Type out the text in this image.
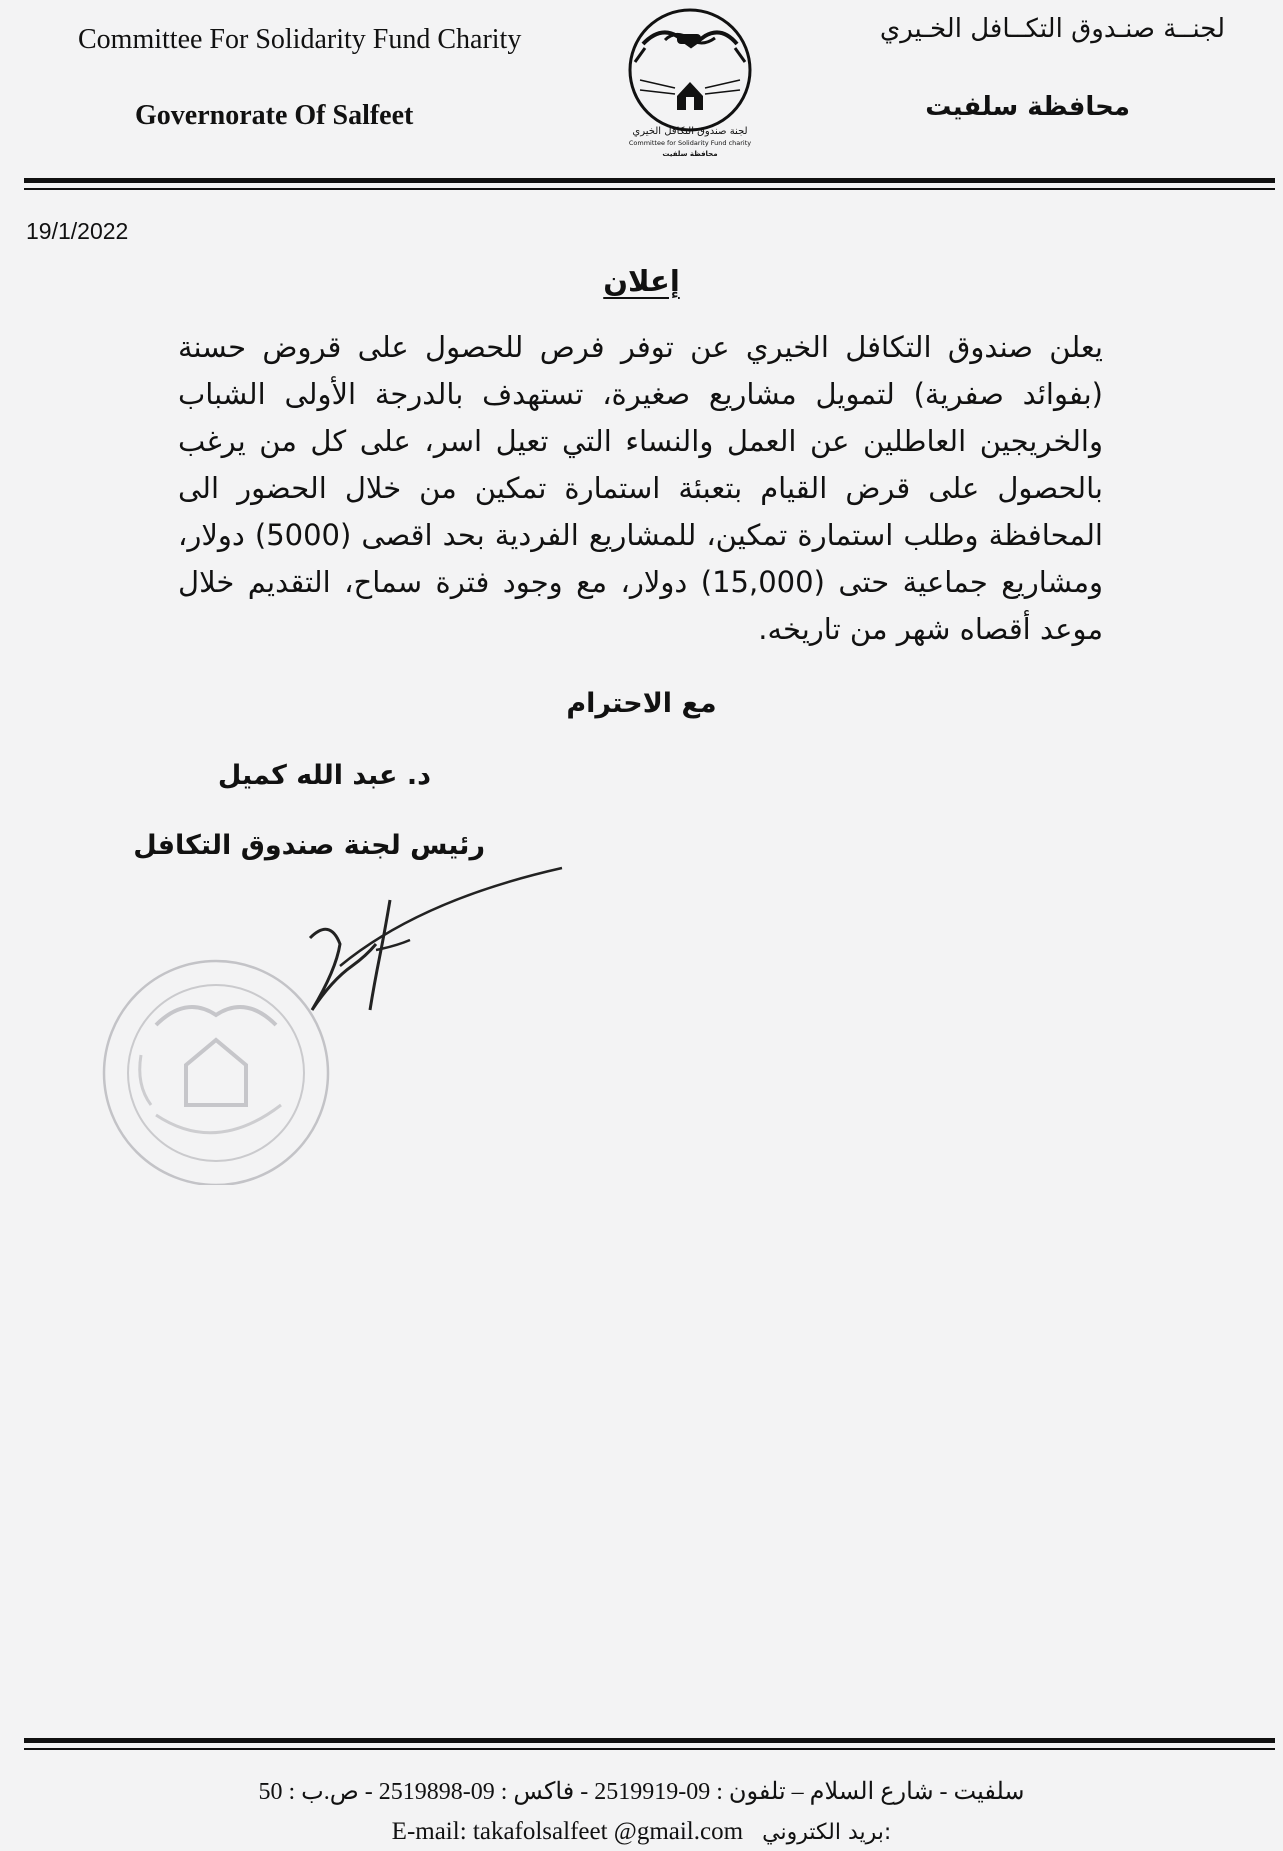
Committee For Solidarity Fund Charity
Governorate Of Salfeet
لجنــة صنـدوق التكــافل الخـيري
محافظة سلفيت
لجنة صندوق التكافل الخيري
Committee for Solidarity Fund charity
محافظة سلفيت
19/1/2022
إعلان
يعلن صندوق التكافل الخيري عن توفر فرص للحصول على قروض حسنة (بفوائد صفرية) لتمويل مشاريع صغيرة، تستهدف بالدرجة الأولى الشباب والخريجين العاطلين عن العمل والنساء التي تعيل اسر، على كل من يرغب بالحصول على قرض القيام بتعبئة استمارة تمكين من خلال الحضور الى المحافظة وطلب استمارة تمكين، للمشاريع الفردية بحد اقصى (5000) دولار، ومشاريع جماعية حتى (15,000) دولار، مع وجود فترة سماح، التقديم خلال موعد أقصاه شهر من تاريخه.
مع الاحترام
د. عبد الله كميل
رئيس لجنة صندوق التكافل
سلفيت - شارع السلام – تلفون : 09-2519919 - فاكس : 09-2519898 - ص.ب : 50
E-mail: takafolsalfeet @gmail.com بريد الكتروني:
